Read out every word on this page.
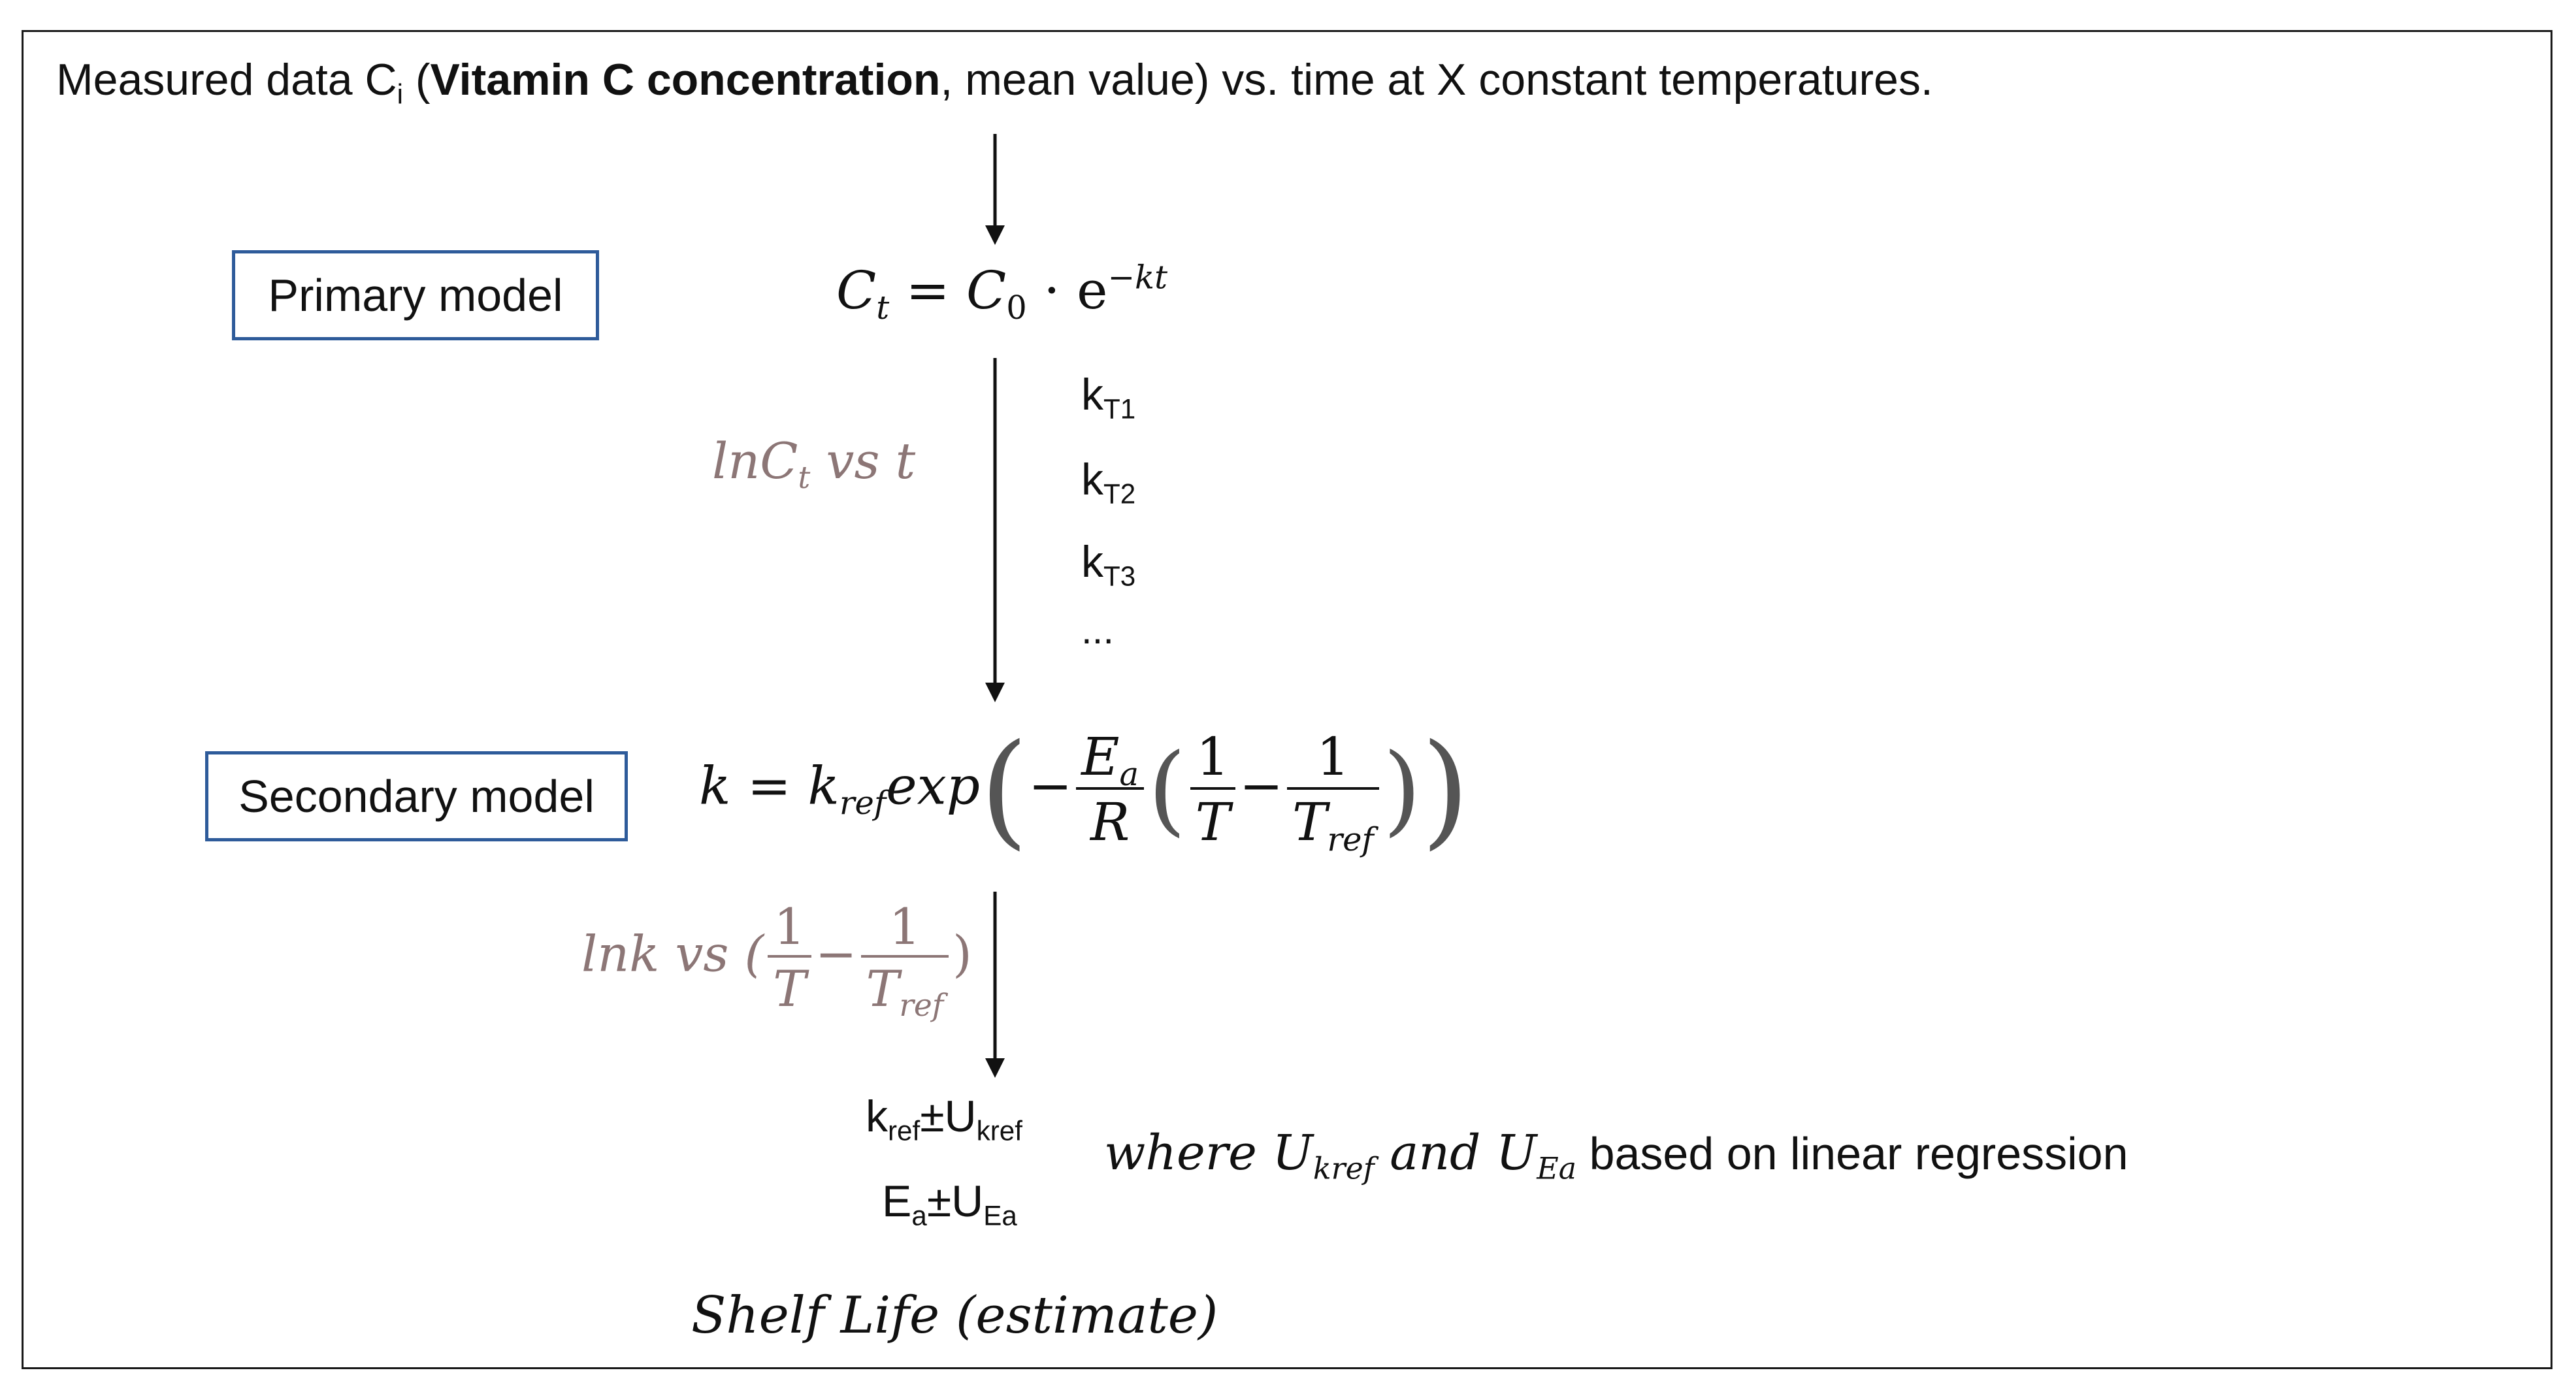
Measured data $C_i$ (Vitamin C concentration, mean value) vs. time at X constant temperatures.
Primary model	$C_t = C_0 \cdot e^{-kt}$
lnC$_t$ vs t
$k_{T1}$
$k_{T2}$
$k_{T3}$
...
Secondary model $k = k_{ref}\exp(- \frac{E_a}{R}$ ( $\frac{1}{T} - \frac{1}{T_{ref}}$ ))
lnk vs ( $\frac{1}{T} - \frac{1}{T_{ref}}$ )
$k_{ref}\pm U_{kref}$
$E_a\pm U_{Ea}$
where $U_{kref}$ and $U_{Ea}$ based on linear regression
Shelf Life (estimate)
